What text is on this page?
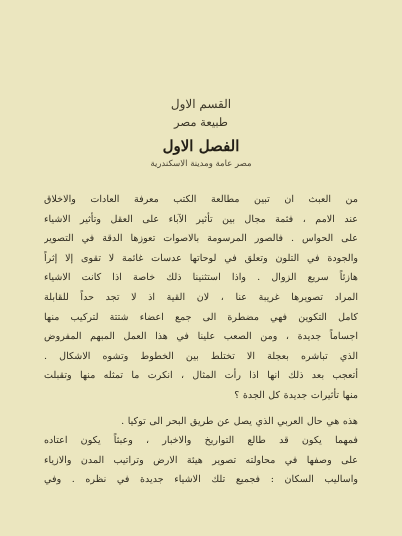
القسم الاول
طبيعة مصر
الفصل الاول
مصر عامة ومدينة الاسكندرية
من العبث ان تبين مطالعة الكتب معرفة العادات والاخلاق
عند الامم ، فثمة مجال بين تأثير الآباء على العقل وتأثير الاشياء
على الحواس . فالصور المرسومة بالاصوات تعوزها الدقة في التصوير
والجودة في التلون وتعلق في لوحاتها عدسات غائمة لا تقوى إلا إثراً
هازئاً سريع الزوال . واذا استثنينا ذلك خاصة اذا كانت الاشياء
المراد تصويرها غريبة عنا ، لان القية اذ لا تجد حداً للقابلة
كامل التكوين فهي مضطرة الى جمع اعضاء شتتة لتركيب منها
اجساماً جديدة ، ومن الصعب علينا في هذا العمل المبهم المفروض
الذي تباشره بعجلة الا تختلط بين الخطوط وتشوه الاشكال .
أتعجب بعد ذلك انها اذا رأت المثال ، انكرت ما تمثله منها وتقبلت
منها تأثيرات جديدة كل الجدة ؟
هذه هي حال العربي الذي يصل عن طريق البحر الى توكيا .
فمهما يكون قد طالع التواريخ والاخبار ، وعبثاً يكون اعتاده
على وصفها في محاولته تصوير هيئة الارض وتراتيب المدن والازياء
واساليب السكان : فجميع تلك الاشياء جديدة في نظره . وفي
